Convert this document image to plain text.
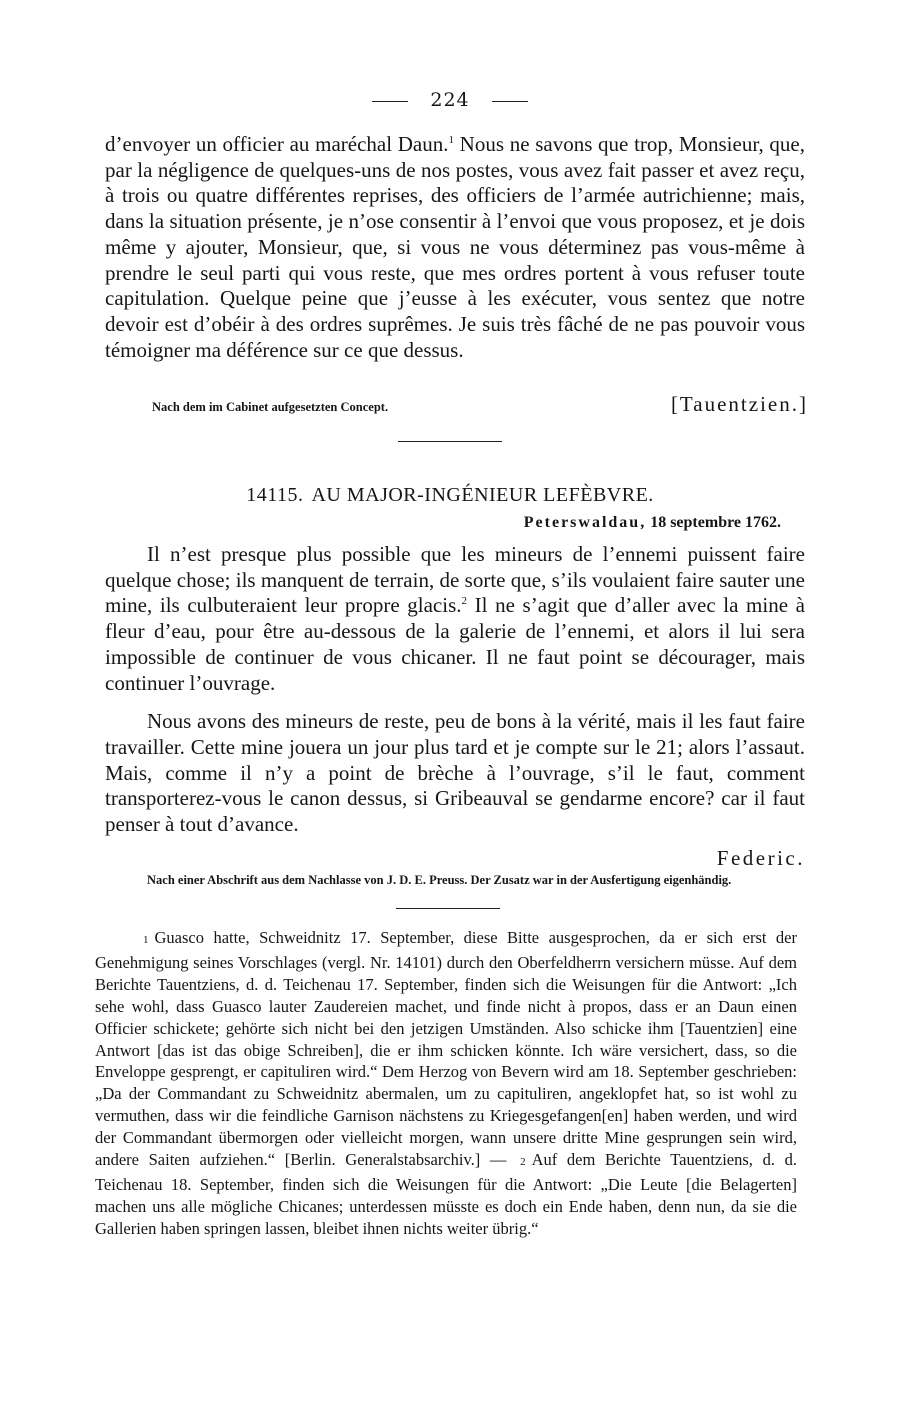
224

d’envoyer un officier au maréchal Daun.$^1$ Nous ne savons que trop, Monsieur, que, par la négligence de quelques-uns de nos postes, vous avez fait passer et avez reçu, à trois ou quatre différentes reprises, des officiers de l’armée autrichienne; mais, dans la situation présente, je n’ose consentir à l’envoi que vous proposez, et je dois même y ajouter, Monsieur, que, si vous ne vous déterminez pas vous-même à prendre le seul parti qui vous reste, que mes ordres portent à vous refuser toute capitulation. Quelque peine que j’eusse à les exécuter, vous sentez que notre devoir est d’obéir à des ordres suprêmes. Je suis très fâché de ne pas pouvoir vous témoigner ma déférence sur ce que dessus.

Nach dem im Cabinet aufgesetzten Concept.	[Tauentzien.]
14115. AU MAJOR-INGÉNIEUR LEFÈBVRE.
Peterswaldau, 18 septembre 1762.

Il n’est presque plus possible que les mineurs de l’ennemi puissent faire quelque chose; ils manquent de terrain, de sorte que, s’ils voulaient faire sauter une mine, ils culbuteraient leur propre glacis.$^2$ Il ne s’agit que d’aller avec la mine à fleur d’eau, pour être au-dessous de la galerie de l’ennemi, et alors il lui sera impossible de continuer de vous chicaner. Il ne faut point se décourager, mais continuer l’ouvrage.

Nous avons des mineurs de reste, peu de bons à la vérité, mais il les faut faire travailler. Cette mine jouera un jour plus tard et je compte sur le 21; alors l’assaut. Mais, comme il n’y a point de brèche à l’ouvrage, s’il le faut, comment transporterez-vous le canon dessus, si Gribeauval se gendarme encore? car il faut penser à tout d’avance.

Federic.
Nach einer Abschrift aus dem Nachlasse von J. D. E. Preuss. Der Zusatz war in der Ausfertigung eigenhändig.

1 Guasco hatte, Schweidnitz 17. September, diese Bitte ausgesprochen, da er sich erst der Genehmigung seines Vorschlages (vergl. Nr. 14101) durch den Oberfeldherrn versichern müsse. Auf dem Berichte Tauentziens, d. d. Teichenau 17. September, finden sich die Weisungen für die Antwort: „Ich sehe wohl, dass Guasco lauter Zaudereien machet, und finde nicht à propos, dass er an Daun einen Officier schickete; gehörte sich nicht bei den jetzigen Umständen. Also schicke ihm [Tauentzien] eine Antwort [das ist das obige Schreiben], die er ihm schicken könnte. Ich wäre versichert, dass, so die Enveloppe gesprengt, er capituliren wird.“ Dem Herzog von Bevern wird am 18. September geschrieben: „Da der Commandant zu Schweidnitz abermalen, um zu capituliren, angeklopfet hat, so ist wohl zu vermuthen, dass wir die feindliche Garnison nächstens zu Kriegesgefangen[en] haben werden, und wird der Commandant übermorgen oder vielleicht morgen, wann unsere dritte Mine gesprungen sein wird, andere Saiten aufziehen.“ [Berlin. Generalstabsarchiv.] — 2 Auf dem Berichte Tauentziens, d. d. Teichenau 18. September, finden sich die Weisungen für die Antwort: „Die Leute [die Belagerten] machen uns alle mögliche Chicanes; unterdessen müsste es doch ein Ende haben, denn nun, da sie die Gallerien haben springen lassen, bleibet ihnen nichts weiter übrig.“
